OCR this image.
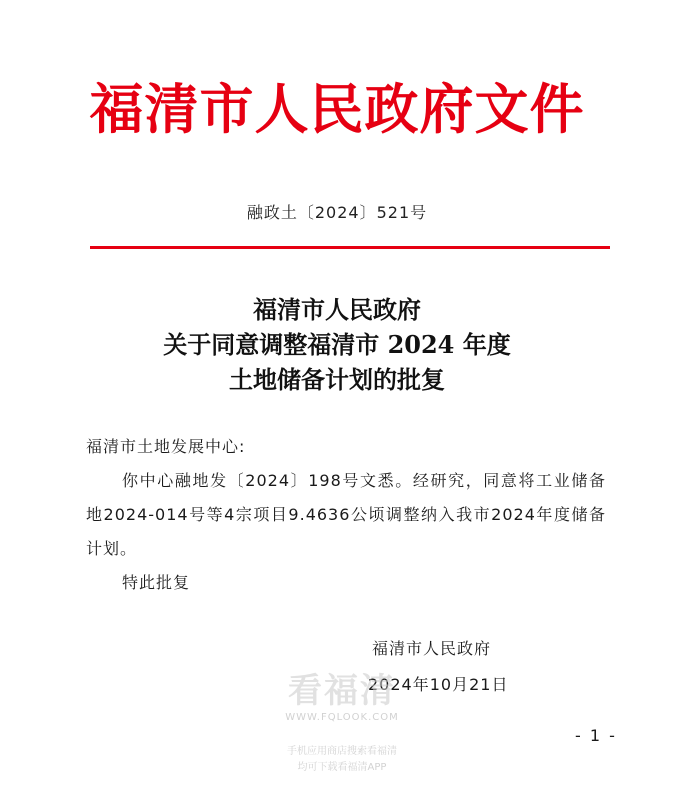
福清市人民政府文件
融政土〔2024〕521号
福清市人民政府
关于同意调整福清市 2024 年度
土地储备计划的批复
福清市土地发展中心:
你中心融地发〔2024〕198号文悉。经研究，同意将工业储备地2024-014号等4宗项目9.4636公顷调整纳入我市2024年度储备计划。
特此批复
福清市人民政府
2024年10月21日
看福清
WWW.FQLOOK.COM
手机应用商店搜索看福清
均可下载看福清APP
- 1 -
